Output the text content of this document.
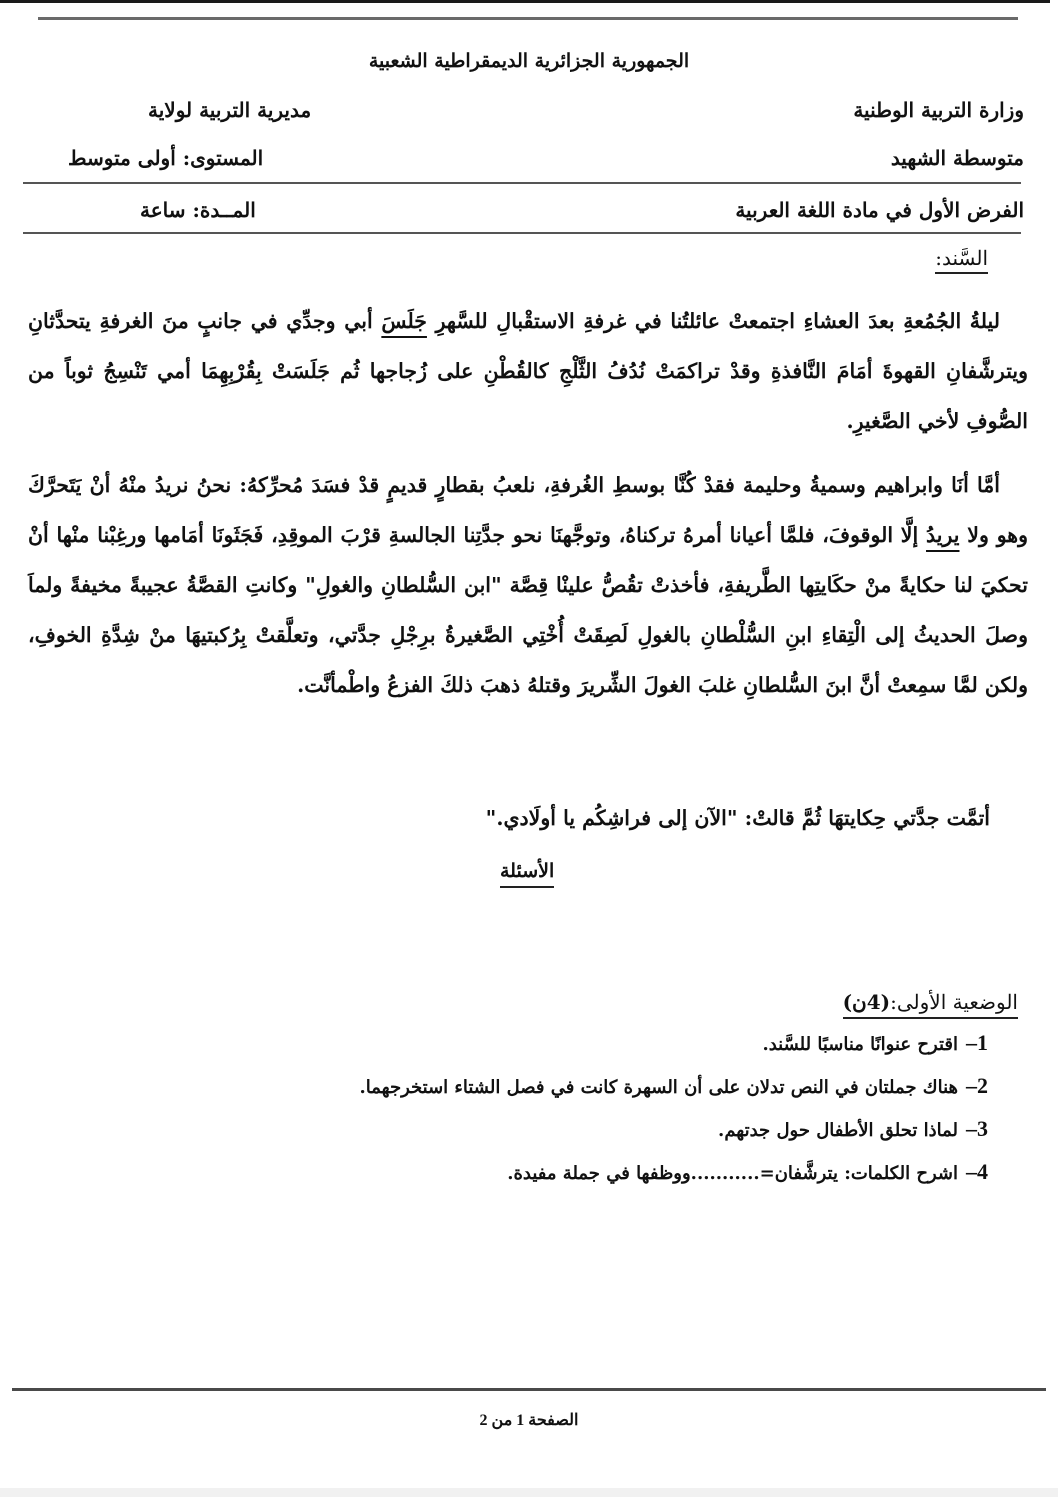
الجمهورية الجزائرية الديمقراطية الشعبية
وزارة التربية الوطنية
مديرية التربية لولاية
متوسطة الشهيد
المستوى: أولى متوسط
الفرض الأول في مادة اللغة العربية
المــدة: ساعة
السَّند:

ليلةُ الجُمُعةِ بعدَ العشاءِ اجتمعتْ عائلتُنا في غرفةِ الاستقْبالِ للسَّهرِ جَلَسَ أبي وجدِّي في جانبٍ منَ الغرفةِ يتحدَّثانِ ويترشَّفانِ القهوةَ أمَامَ النَّافذةِ وقدْ تراكمَتْ نُدُفُ الثَّلْجِ كالقُطْنِ على زُجاجها ثُم جَلَسَتْ بِقُرْبِهِمَا أمي تَنْسِجُ ثوباً من الصُّوفِ لأخي الصَّغيرِ.

أمَّا أنَا وابراهيم وسميةُ وحليمة فقدْ كُنَّا بوسطِ الغُرفةِ، نلعبُ بقطارٍ قديمٍ قدْ فسَدَ مُحرِّكهُ: نحنُ نريدُ منْهُ أنْ يَتَحرَّكَ وهو ولا يريدُ إلَّا الوقوفَ، فلمَّا أعيانا أمرهُ تركناهُ، وتوجَّهنَا نحو جدَّتِنا الجالسةِ قرْبَ الموقِدِ، فَجَثَونَا أمَامها ورغِبْنا منْها أنْ تحكيَ لنا حكايةً منْ حكَايتِها الطَّريفةِ، فأخذتْ تقُصُّ علينْا قِصَّة "ابن السُّلطانِ والغولِ" وكانتِ القصَّةُ عجيبةً مخيفةً ولماَ وصلَ الحديثُ إلى الْتِقاءِ ابنِ السُّلْطانِ بالغولِ لَصِقَتْ أُخْتِي الصَّغيرةُ برِجْلِ جدَّتي، وتعلَّقتْ بِرُكبتيهَا منْ شِدَّةِ الخوفِ، ولكن لمَّا سمِعتْ أنَّ ابنَ السُّلطانِ غلبَ الغولَ الشِّريرَ وقتلهُ ذهبَ ذلكَ الفزعُ واطْمأنَّت.

أتمَّت جدَّتي حِكايتهَا ثُمَّ قالتْ: "الآن إلى فراشِكُم يا أولَادي."
الأسئلة
الوضعية الأولى:(4ن)
1–اقترح عنوانًا مناسبًا للسَّند.
2–هناك جملتان في النص تدلان على أن السهرة كانت في فصل الشتاء استخرجهما.
3–لماذا تحلق الأطفال حول جدتهم.
4–اشرح الكلمات: يترشَّفان=...........ووظفها في جملة مفيدة.
الصفحة 1 من 2
